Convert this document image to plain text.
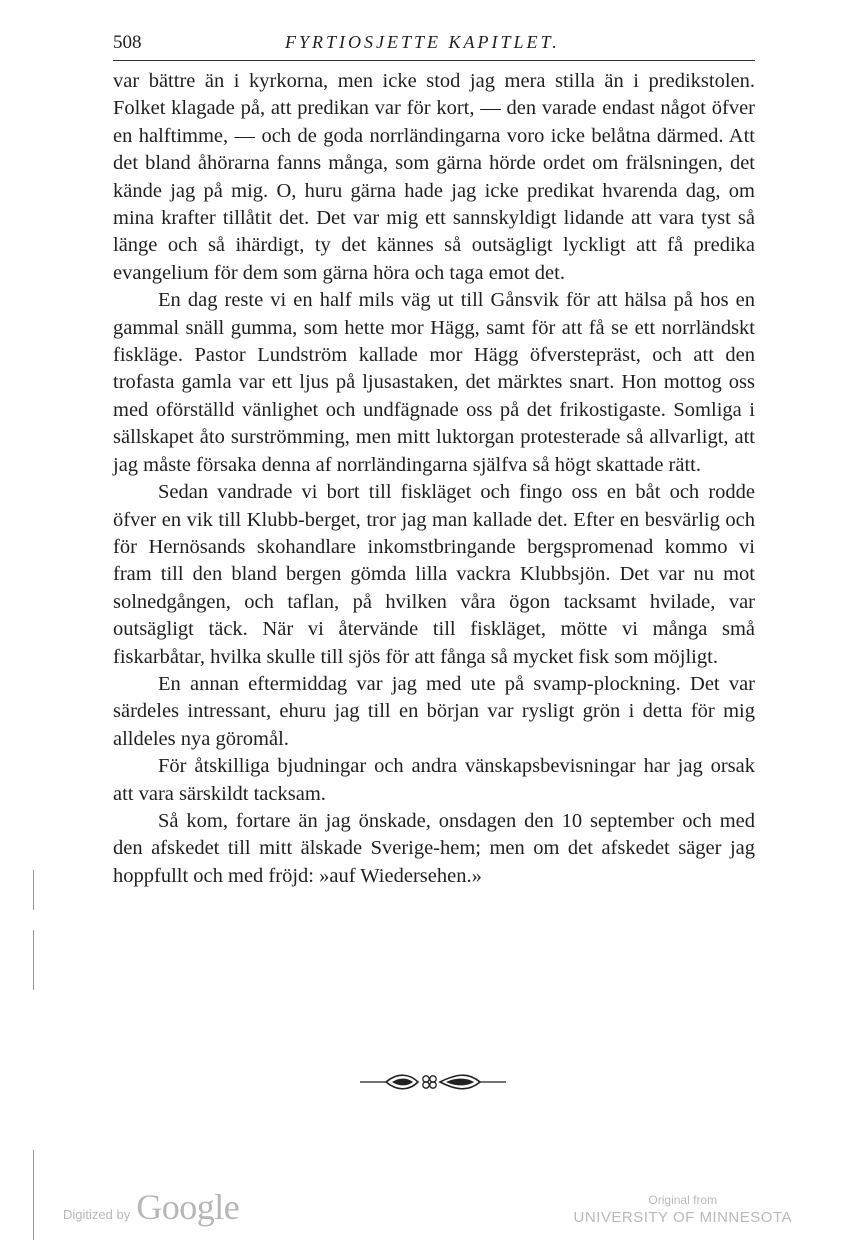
508	FYRTIOSJETTE KAPITLET.

var bättre än i kyrkorna, men icke stod jag mera stilla än i predikstolen. Folket klagade på, att predikan var för kort, — den varade endast något öfver en halftimme, — och de goda norrländingarna voro icke belåtna därmed. Att det bland åhörarna fanns många, som gärna hörde ordet om frälsningen, det kände jag på mig. O, huru gärna hade jag icke predikat hvarenda dag, om mina krafter tillåtit det. Det var mig ett sannskyldigt lidande att vara tyst så länge och så ihärdigt, ty det kännes så outsägligt lyckligt att få predika evangelium för dem som gärna höra och taga emot det.

En dag reste vi en half mils väg ut till Gånsvik för att hälsa på hos en gammal snäll gumma, som hette mor Hägg, samt för att få se ett norrländskt fiskläge. Pastor Lundström kallade mor Hägg öfverstepräst, och att den trofasta gamla var ett ljus på ljusastaken, det märktes snart. Hon mottog oss med oförställd vänlighet och undfägnade oss på det frikostigaste. Somliga i sällskapet åto surströmming, men mitt luktorgan protesterade så allvarligt, att jag måste försaka denna af norrländingarna själfva så högt skattade rätt.

Sedan vandrade vi bort till fiskläget och fingo oss en båt och rodde öfver en vik till Klubb-berget, tror jag man kallade det. Efter en besvärlig och för Hernösands skohandlare inkomstbringande bergspromenad kommo vi fram till den bland bergen gömda lilla vackra Klubbsjön. Det var nu mot solnedgången, och taflan, på hvilken våra ögon tacksamt hvilade, var outsägligt täck. När vi återvände till fiskläget, mötte vi många små fiskarbåtar, hvilka skulle till sjös för att fånga så mycket fisk som möjligt.

En annan eftermiddag var jag med ute på svamp-plockning. Det var särdeles intressant, ehuru jag till en början var rysligt grön i detta för mig alldeles nya göromål.

För åtskilliga bjudningar och andra vänskapsbevisningar har jag orsak att vara särskildt tacksam.

Så kom, fortare än jag önskade, onsdagen den 10 september och med den afskedet till mitt älskade Sverige-hem; men om det afskedet säger jag hoppfullt och med fröjd: »auf Wiedersehen.»

Digitized by Google	Original from
UNIVERSITY OF MINNESOTA
